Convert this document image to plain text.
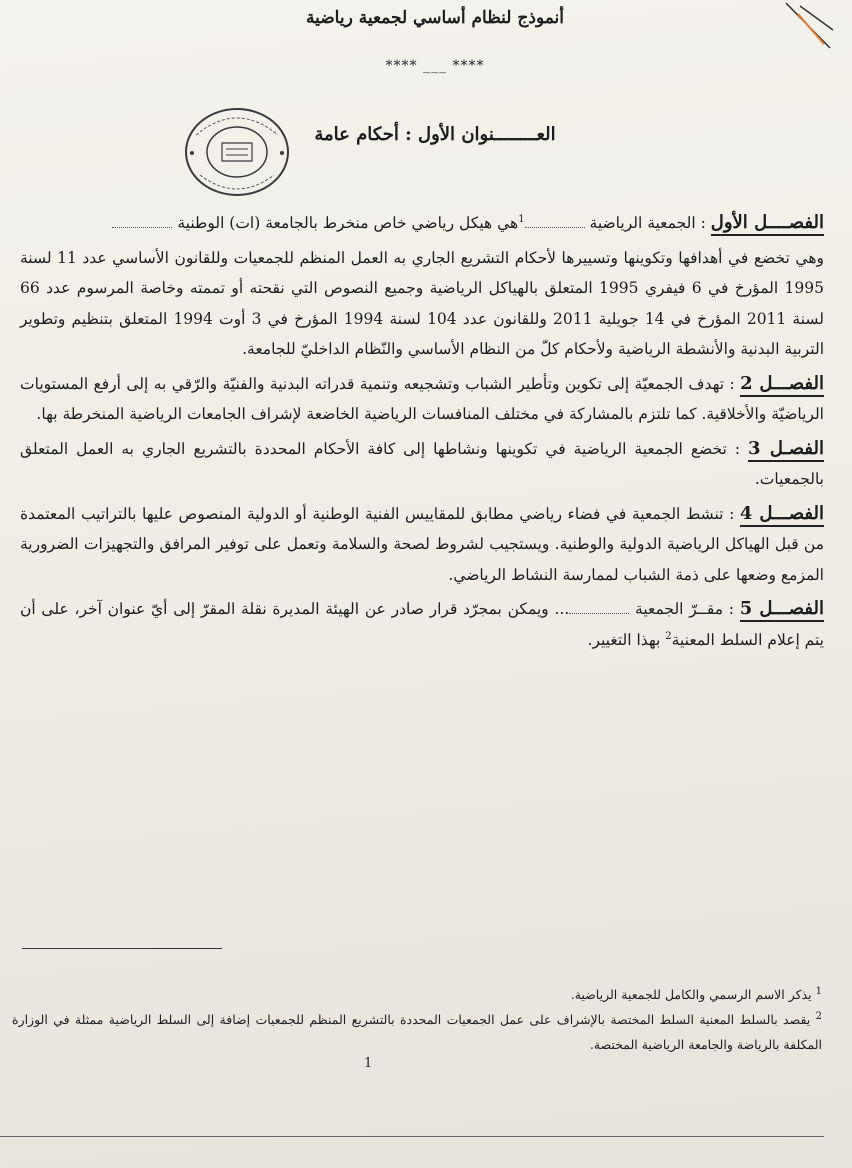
أنموذج لنظام أساسي لجمعية رياضية
**** ___ ****
العــــــــنوان الأول : أحكام عامة

الفصــــل الأول : الجمعية الرياضية $^1$هي هيكل رياضي خاص منخرط بالجامعة (ات) الوطنية

وهي تخضع في أهدافها وتكوينها وتسييرها لأحكام التشريع الجاري به العمل المنظم للجمعيات وللقانون الأساسي عدد 11 لسنة 1995 المؤرخ في 6 فيفري 1995 المتعلق بالهياكل الرياضية وجميع النصوص التي نقحته أو تممته وخاصة المرسوم عدد 66 لسنة 2011 المؤرخ في 14 جويلية 2011 وللقانون عدد 104 لسنة 1994 المؤرخ في 3 أوت 1994 المتعلق بتنظيم وتطوير التربية البدنية والأنشطة الرياضية ولأحكام كلّ من النظام الأساسي والنّظام الداخليّ للجامعة.

الفصـــل 2 : تهدف الجمعيّة إلى تكوين وتأطير الشباب وتشجيعه وتنمية قدراته البدنية والفنيّة والرّقي به إلى أرفع المستويات الرياضيّة والأخلاقية. كما تلتزم بالمشاركة في مختلف المنافسات الرياضية الخاضعة لإشراف الجامعات الرياضية المنخرطة بها.

الفصـل 3 : تخضع الجمعية الرياضية في تكوينها ونشاطها إلى كافة الأحكام المحددة بالتشريع الجاري به العمل المتعلق بالجمعيات.

الفصـــل 4 : تنشط الجمعية في فضاء رياضي مطابق للمقاييس الفنية الوطنية أو الدولية المنصوص عليها بالتراتيب المعتمدة من قبل الهياكل الرياضية الدولية والوطنية. ويستجيب لشروط لصحة والسلامة وتعمل على توفير المرافق والتجهيزات الضرورية المزمع وضعها على ذمة الشباب لممارسة النشاط الرياضي.

الفصـــل 5 : مقــرّ الجمعية ... ويمكن بمجرّد قرار صادر عن الهيئة المديرة نقلة المقرّ إلى أيّ عنوان آخر، على أن يتم إعلام السلط المعنية$^2$ بهذا التغيير.

$^1$ يذكر الاسم الرسمي والكامل للجمعية الرياضية.

$^2$ يقصد بالسلط المعنية السلط المختصة بالإشراف على عمل الجمعيات المحددة بالتشريع المنظم للجمعيات إضافة إلى السلط الرياضية ممثلة في الوزارة المكلفة بالرياضة والجامعة الرياضية المختصة.

1
